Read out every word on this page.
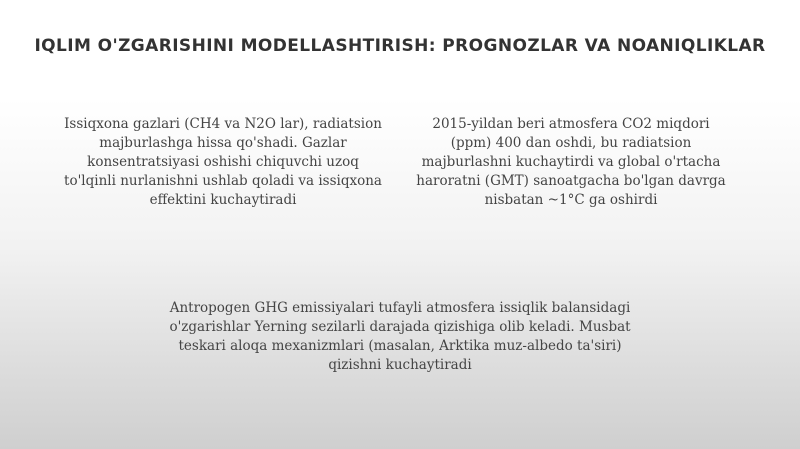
IQLIM O'ZGARISHINI MODELLASHTIRISH: PROGNOZLAR VA NOANIQLIKLAR
Issiqxona gazlari (CH4 va N2O lar), radiatsion majburlashga hissa qo'shadi. Gazlar konsentratsiyasi oshishi chiquvchi uzoq to'lqinli nurlanishni ushlab qoladi va issiqxona effektini kuchaytiradi
2015-yildan beri atmosfera CO2 miqdori (ppm) 400 dan oshdi, bu radiatsion majburlashni kuchaytirdi va global o'rtacha haroratni (GMT) sanoatgacha bo'lgan davrga nisbatan ~1°C ga oshirdi
Antropogen GHG emissiyalari tufayli atmosfera issiqlik balansidagi o'zgarishlar Yerning sezilarli darajada qizishiga olib keladi. Musbat teskari aloqa mexanizmlari (masalan, Arktika muz-albedo ta'siri) qizishni kuchaytiradi
